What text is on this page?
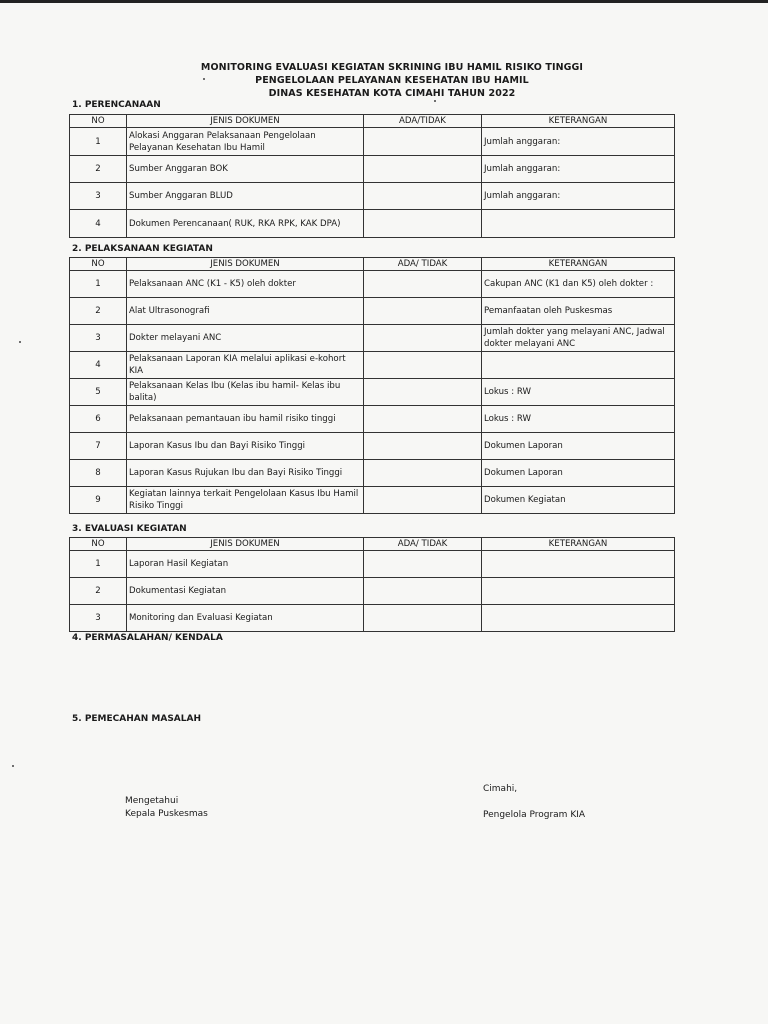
MONITORING EVALUASI KEGIATAN SKRINING IBU HAMIL RISIKO TINGGI
PENGELOLAAN PELAYANAN KESEHATAN IBU HAMIL
DINAS KESEHATAN KOTA CIMAHI TAHUN 2022
1. PERENCANAAN
NO	JENIS DOKUMEN	ADA/TIDAK	KETERANGAN
1	Alokasi Anggaran Pelaksanaan Pengelolaan Pelayanan Kesehatan Ibu Hamil		Jumlah anggaran:
2	Sumber Anggaran BOK		Jumlah anggaran:
3	Sumber Anggaran BLUD		Jumlah anggaran:
4	Dokumen Perencanaan( RUK, RKA RPK, KAK DPA)		
2. PELAKSANAAN KEGIATAN
NO	JENIS DOKUMEN	ADA/ TIDAK	KETERANGAN
1	Pelaksanaan ANC (K1 - K5) oleh dokter		Cakupan ANC (K1 dan K5) oleh dokter :
2	Alat Ultrasonografi		Pemanfaatan oleh Puskesmas
3	Dokter melayani ANC		Jumlah dokter yang melayani ANC, Jadwal dokter melayani ANC
4	Pelaksanaan Laporan KIA melalui aplikasi e-kohort KIA		
5	Pelaksanaan Kelas Ibu (Kelas ibu hamil- Kelas ibu balita)		Lokus : RW
6	Pelaksanaan pemantauan ibu hamil risiko tinggi		Lokus : RW
7	Laporan Kasus Ibu dan Bayi Risiko Tinggi		Dokumen Laporan
8	Laporan Kasus Rujukan Ibu dan Bayi Risiko Tinggi		Dokumen Laporan
9	Kegiatan lainnya terkait Pengelolaan Kasus Ibu Hamil Risiko Tinggi		Dokumen Kegiatan
3. EVALUASI KEGIATAN
NO	JENIS DOKUMEN	ADA/ TIDAK	KETERANGAN
1	Laporan Hasil Kegiatan		
2	Dokumentasi Kegiatan		
3	Monitoring dan Evaluasi Kegiatan		
4. PERMASALAHAN/ KENDALA
5. PEMECAHAN MASALAH
Cimahi,
Mengetahui
Kepala Puskesmas	Pengelola Program KIA
